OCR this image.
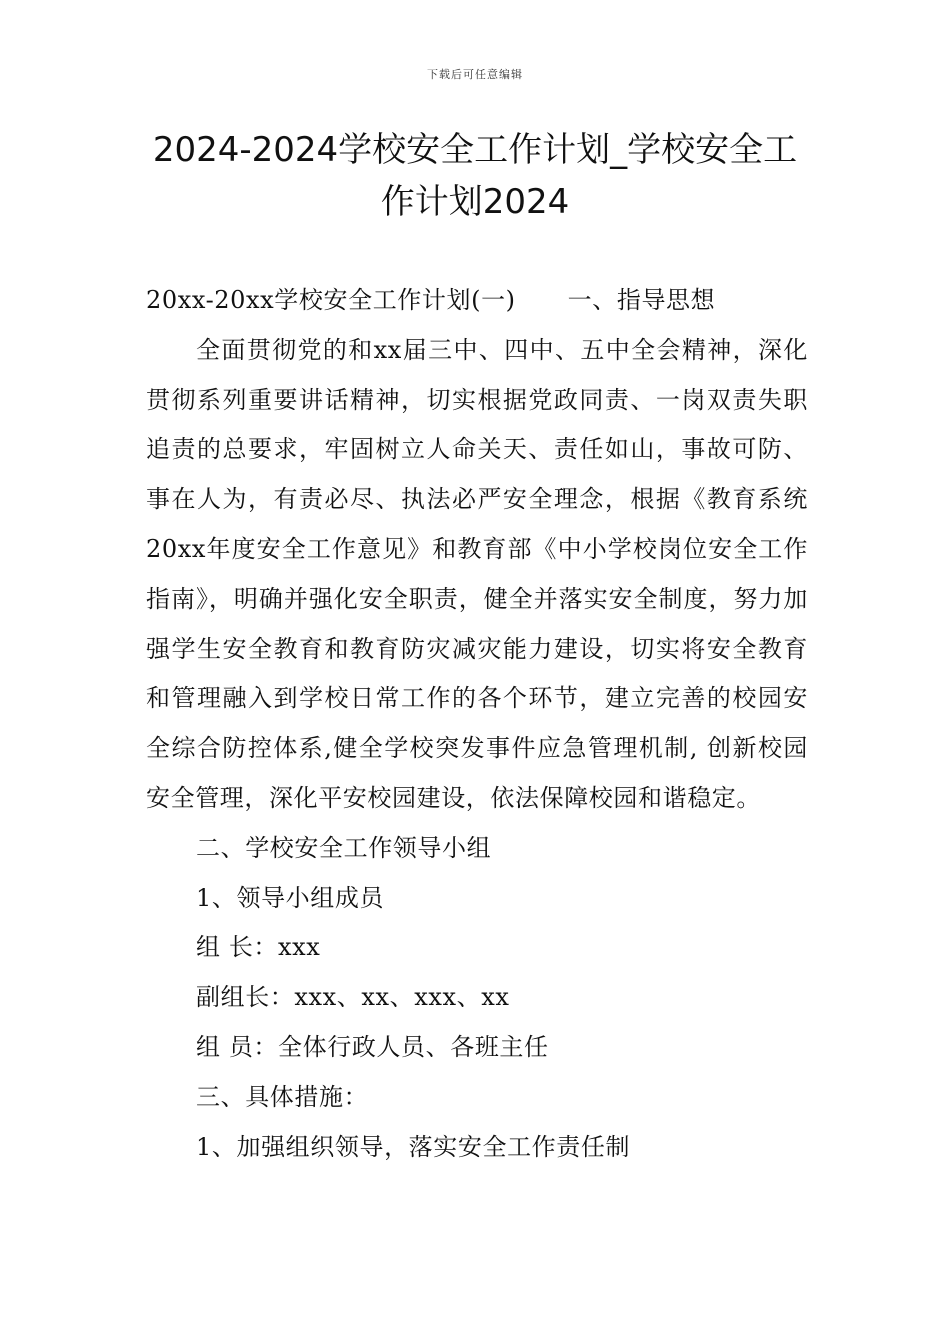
下载后可任意编辑
2024-2024学校安全工作计划_学校安全工
作计划2024

20xx-20xx学校安全工作计划(一) 一、指导思想

全面贯彻党的和xx届三中、四中、五中全会精神，深化贯彻系列重要讲话精神，切实根据党政同责、一岗双责失职追责的总要求，牢固树立人命关天、责任如山，事故可防、事在人为，有责必尽、执法必严安全理念，根据《教育系统20xx年度安全工作意见》和教育部《中小学校岗位安全工作指南》，明确并强化安全职责，健全并落实安全制度，努力加强学生安全教育和教育防灾减灾能力建设，切实将安全教育和管理融入到学校日常工作的各个环节，建立完善的校园安全综合防控体系,健全学校突发事件应急管理机制, 创新校园安全管理，深化平安校园建设，依法保障校园和谐稳定。

二、学校安全工作领导小组

1、领导小组成员

组 长：xxx

副组长：xxx、xx、xxx、xx

组 员：全体行政人员、各班主任

三、具体措施：

1、加强组织领导，落实安全工作责任制
